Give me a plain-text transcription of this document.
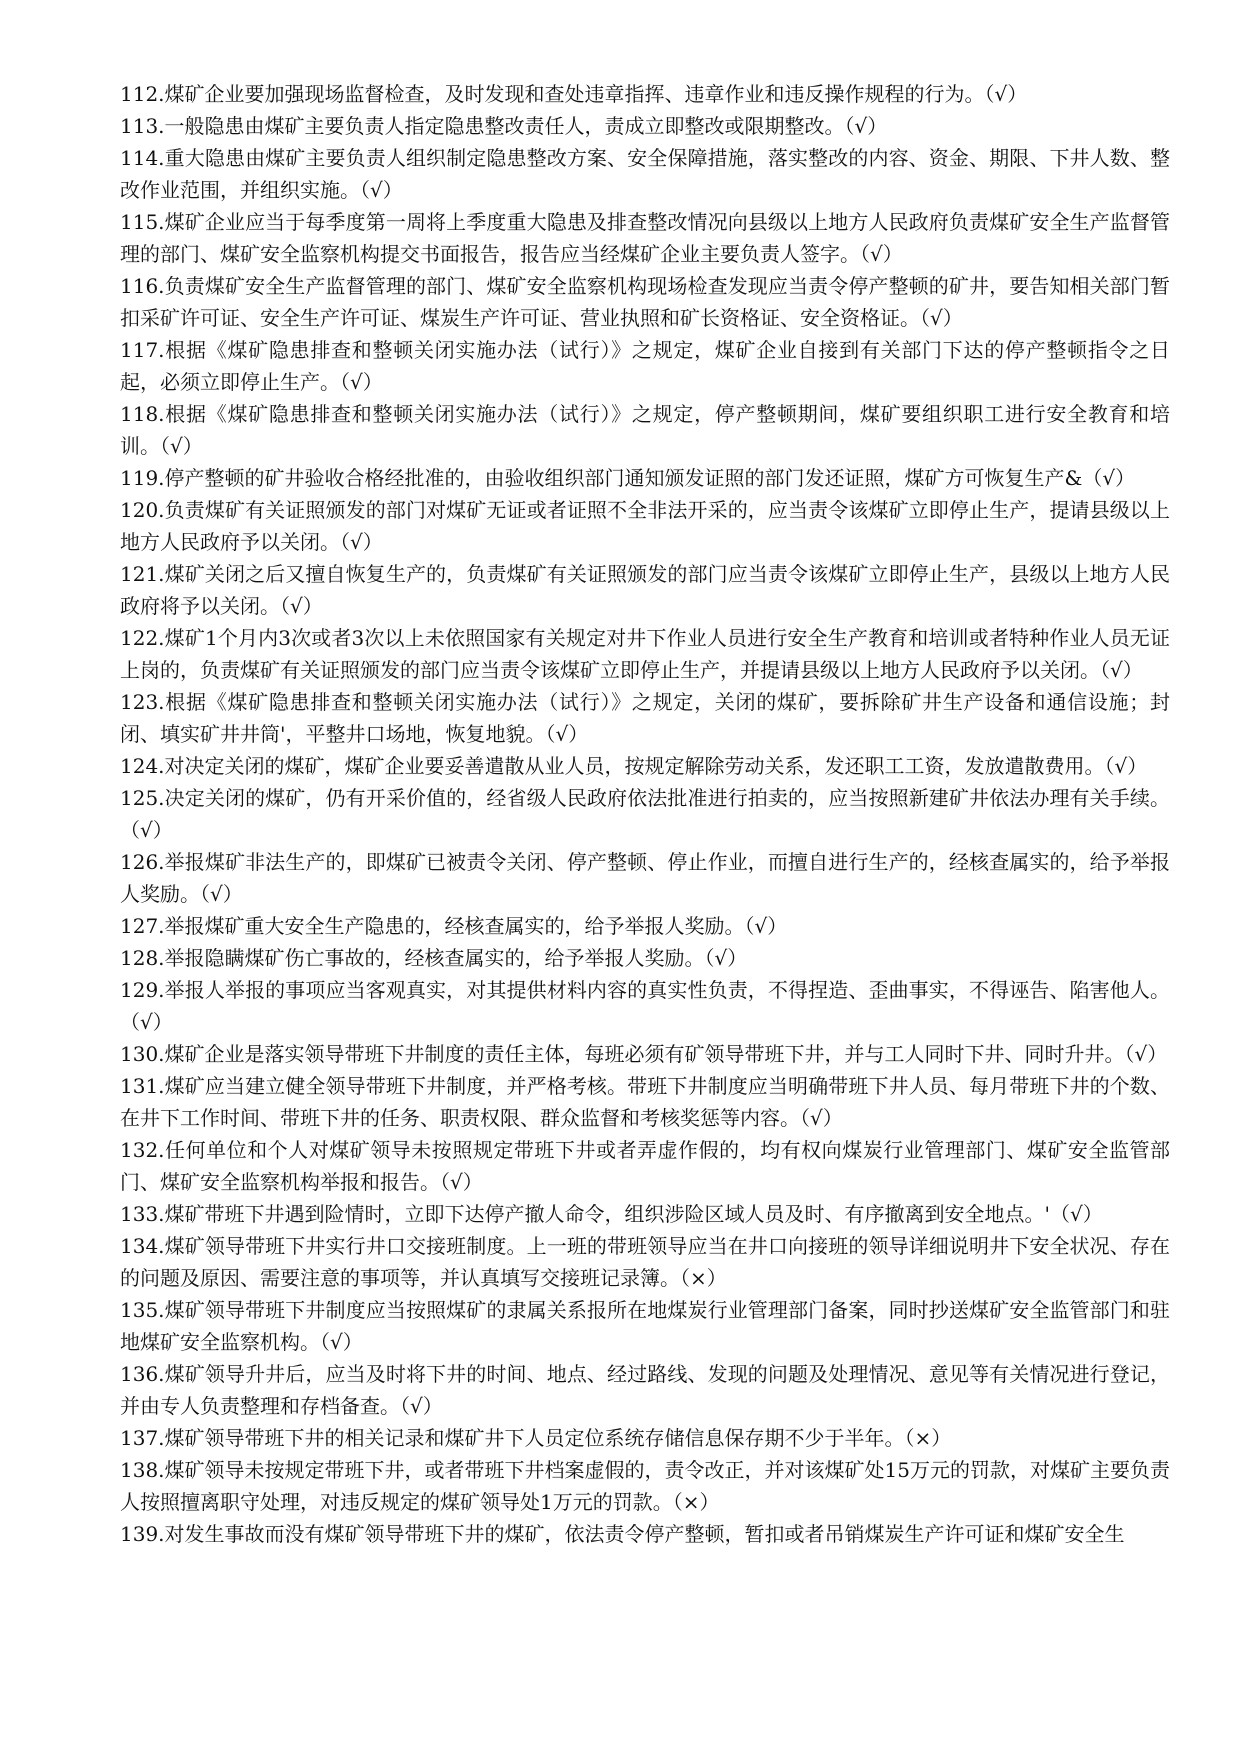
112.煤矿企业要加强现场监督检查，及时发现和查处违章指挥、违章作业和违反操作规程的行为。（√）

113.一般隐患由煤矿主要负责人指定隐患整改责任人，责成立即整改或限期整改。（√）

114.重大隐患由煤矿主要负责人组织制定隐患整改方案、安全保障措施，落实整改的内容、资金、期限、下井人数、整改作业范围，并组织实施。（√）

115.煤矿企业应当于每季度第一周将上季度重大隐患及排查整改情况向县级以上地方人民政府负责煤矿安全生产监督管理的部门、煤矿安全监察机构提交书面报告，报告应当经煤矿企业主要负责人签字。（√）

116.负责煤矿安全生产监督管理的部门、煤矿安全监察机构现场检查发现应当责令停产整顿的矿井，要告知相关部门暂扣采矿许可证、安全生产许可证、煤炭生产许可证、营业执照和矿长资格证、安全资格证。（√）

117.根据《煤矿隐患排查和整顿关闭实施办法（试行）》之规定，煤矿企业自接到有关部门下达的停产整顿指令之日起，必须立即停止生产。（√）

118.根据《煤矿隐患排查和整顿关闭实施办法（试行）》之规定，停产整顿期间，煤矿要组织职工进行安全教育和培训。（√）

119.停产整顿的矿井验收合格经批准的，由验收组织部门通知颁发证照的部门发还证照，煤矿方可恢复生产&（√）

120.负责煤矿有关证照颁发的部门对煤矿无证或者证照不全非法开采的，应当责令该煤矿立即停止生产，提请县级以上地方人民政府予以关闭。（√）

121.煤矿关闭之后又擅自恢复生产的，负责煤矿有关证照颁发的部门应当责令该煤矿立即停止生产，县级以上地方人民政府将予以关闭。（√）

122.煤矿1个月内3次或者3次以上未依照国家有关规定对井下作业人员进行安全生产教育和培训或者特种作业人员无证上岗的，负责煤矿有关证照颁发的部门应当责令该煤矿立即停止生产，并提请县级以上地方人民政府予以关闭。（√）

123.根据《煤矿隐患排查和整顿关闭实施办法（试行）》之规定，关闭的煤矿，要拆除矿井生产设备和通信设施；封闭、填实矿井井筒'，平整井口场地，恢复地貌。（√）

124.对决定关闭的煤矿，煤矿企业要妥善遣散从业人员，按规定解除劳动关系，发还职工工资，发放遣散费用。（√）

125.决定关闭的煤矿，仍有开采价值的，经省级人民政府依法批准进行拍卖的，应当按照新建矿井依法办理有关手续。（√）

126.举报煤矿非法生产的，即煤矿已被责令关闭、停产整顿、停止作业，而擅自进行生产的，经核查属实的，给予举报人奖励。（√）

127.举报煤矿重大安全生产隐患的，经核查属实的，给予举报人奖励。（√）

128.举报隐瞒煤矿伤亡事故的，经核查属实的，给予举报人奖励。（√）

129.举报人举报的事项应当客观真实，对其提供材料内容的真实性负责，不得捏造、歪曲事实，不得诬告、陷害他人。（√）

130.煤矿企业是落实领导带班下井制度的责任主体，每班必须有矿领导带班下井，并与工人同时下井、同时升井。（√）

131.煤矿应当建立健全领导带班下井制度，并严格考核。带班下井制度应当明确带班下井人员、每月带班下井的个数、在井下工作时间、带班下井的任务、职责权限、群众监督和考核奖惩等内容。（√）

132.任何单位和个人对煤矿领导未按照规定带班下井或者弄虚作假的，均有权向煤炭行业管理部门、煤矿安全监管部门、煤矿安全监察机构举报和报告。（√）

133.煤矿带班下井遇到险情时，立即下达停产撤人命令，组织涉险区域人员及时、有序撤离到安全地点。'（√）

134.煤矿领导带班下井实行井口交接班制度。上一班的带班领导应当在井口向接班的领导详细说明井下安全状况、存在的问题及原因、需要注意的事项等，并认真填写交接班记录簿。（×）

135.煤矿领导带班下井制度应当按照煤矿的隶属关系报所在地煤炭行业管理部门备案，同时抄送煤矿安全监管部门和驻地煤矿安全监察机构。（√）

136.煤矿领导升井后，应当及时将下井的时间、地点、经过路线、发现的问题及处理情况、意见等有关情况进行登记，并由专人负责整理和存档备查。（√）

137.煤矿领导带班下井的相关记录和煤矿井下人员定位系统存储信息保存期不少于半年。（×）

138.煤矿领导未按规定带班下井，或者带班下井档案虚假的，责令改正，并对该煤矿处15万元的罚款，对煤矿主要负责人按照擅离职守处理，对违反规定的煤矿领导处1万元的罚款。（×）

139.对发生事故而没有煤矿领导带班下井的煤矿，依法责令停产整顿，暂扣或者吊销煤炭生产许可证和煤矿安全生
